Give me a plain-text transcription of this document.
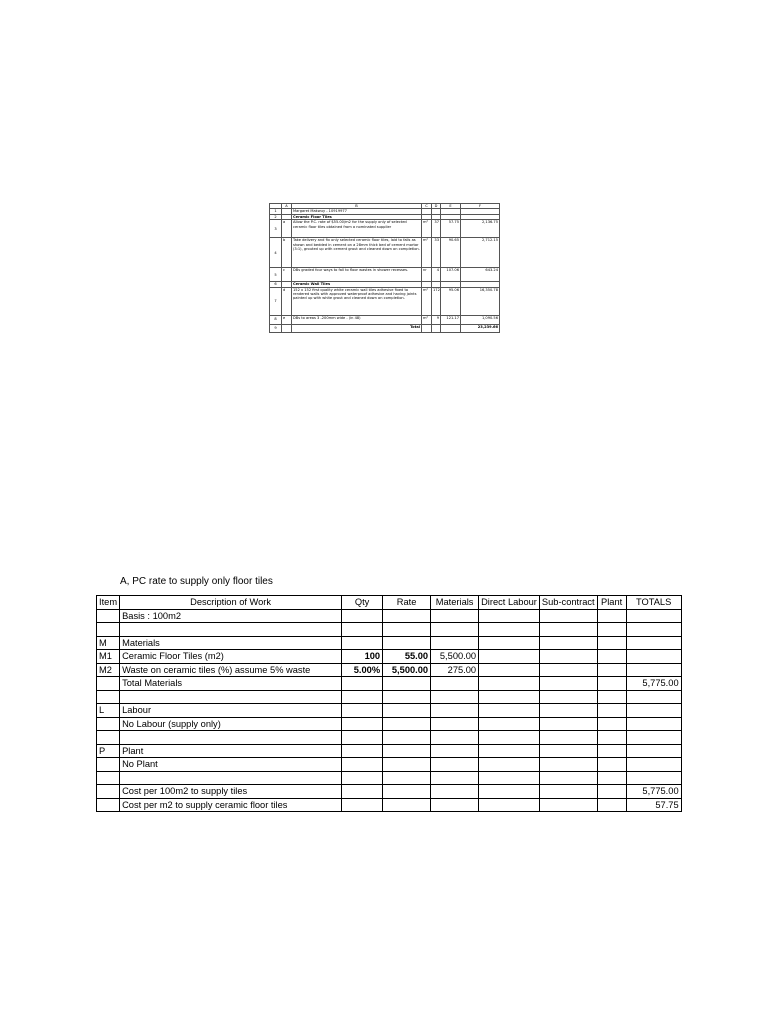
	A	B	C	D	E	F
1		Margaret Makwuy - 10919977				
2		Ceramic Floor Tiles				
3	a	Allow the P.C. rate of $55.00/m2 for the supply only of selected ceramic floor tiles obtained from a nominated supplier	m²	37	57.75	2,136.75
4	b	Take delivery and fix only selected ceramic floor tiles, laid to falls as shown and bedded in cement on a 28mm thick bed of cement mortar (3:1), grouted up with cement grout and cleaned down on completion.	m²	33	90.65	2,712.15
5	c	DBs graded four ways to fall to floor wastes in shower recesses.	nr	4	107.06	643.24
6		Ceramic Wall Tiles				
7	d	152 x 152 first quality white ceramic wall tiles adhesive fixed to rendered walls with approved waterproof adhesive and having joints painted up with white grout and cleaned down on completion.	m²	172	95.06	16,350.78
8	e	DBs to areas 3 -200mm wide - (in 48)	m²	9	121.17	1,090.56
9		Total				23,239.66
A, PC rate to supply only floor tiles
Item	Description of Work	Qty	Rate	Materials	Direct Labour	Sub-contract	Plant	TOTALS
	Basis : 100m2							

M	Materials							
M1	Ceramic Floor Tiles (m2)	100	55.00	5,500.00				
M2	Waste on ceramic tiles (%) assume 5% waste	5.00%	5,500.00	275.00				
	Total Materials							5,775.00

L	Labour							
	No Labour (supply only)							

P	Plant							
	No Plant							

	Cost per 100m2 to supply tiles							5,775.00
	Cost per m2 to supply ceramic floor tiles							57.75
